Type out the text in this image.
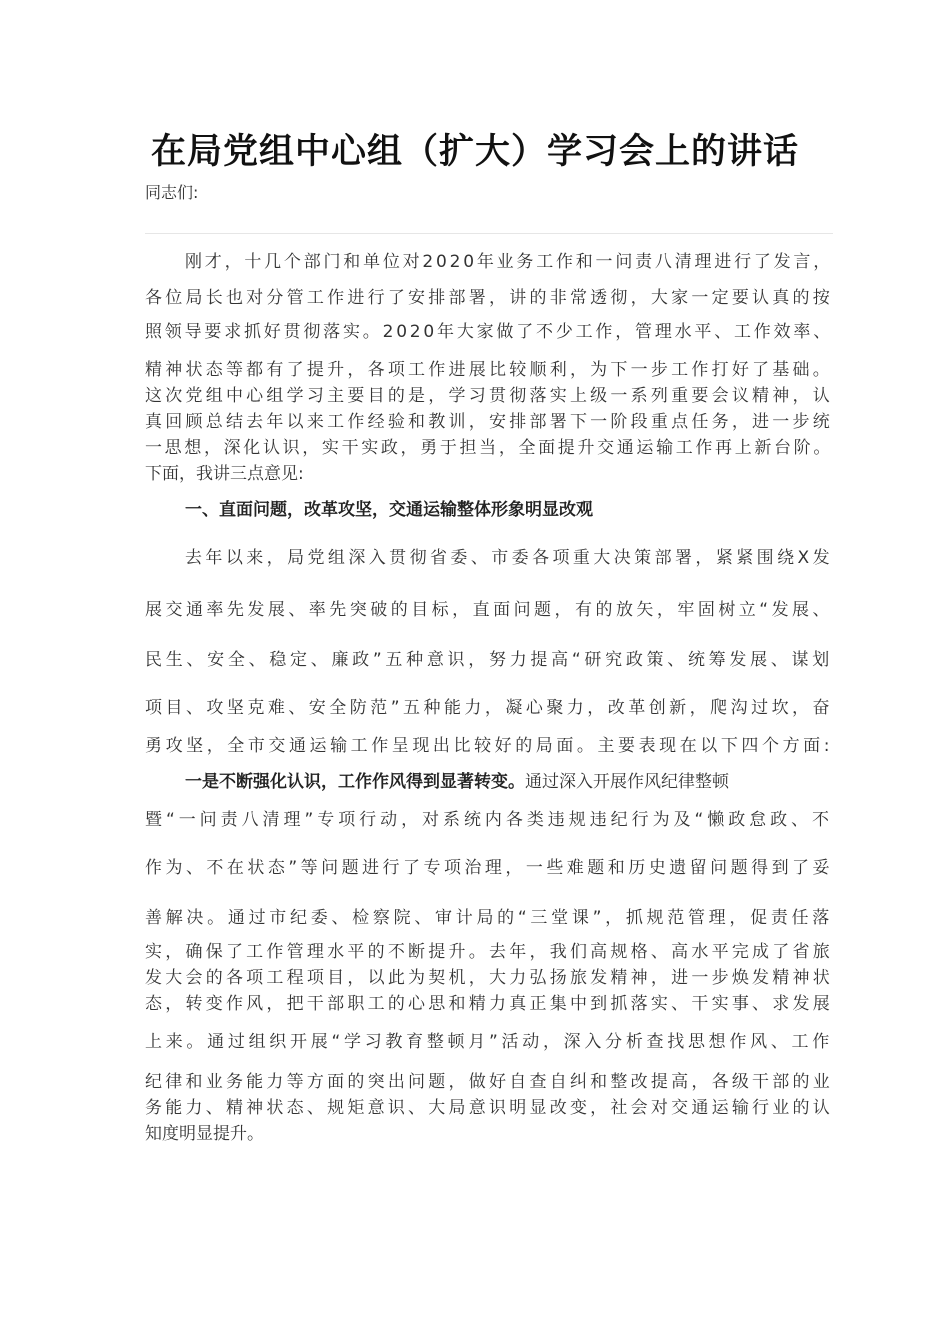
在局党组中心组（扩大）学习会上的讲话
同志们:
刚才，十几个部门和单位对2020年业务工作和一问责八清理进行了发言，
各位局长也对分管工作进行了安排部署，讲的非常透彻，大家一定要认真的按
照领导要求抓好贯彻落实。2020年大家做了不少工作，管理水平、工作效率、
精神状态等都有了提升，各项工作进展比较顺利，为下一步工作打好了基础。
这次党组中心组学习主要目的是，学习贯彻落实上级一系列重要会议精神，认
真回顾总结去年以来工作经验和教训，安排部署下一阶段重点任务，进一步统
一思想，深化认识，实干实政，勇于担当，全面提升交通运输工作再上新台阶。
下面，我讲三点意见:
一、直面问题，改革攻坚，交通运输整体形象明显改观
去年以来，局党组深入贯彻省委、市委各项重大决策部署，紧紧围绕X发
展交通率先发展、率先突破的目标，直面问题，有的放矢，牢固树立“发展、
民生、安全、稳定、廉政”五种意识，努力提高“研究政策、统筹发展、谋划
项目、攻坚克难、安全防范”五种能力，凝心聚力，改革创新，爬沟过坎，奋
勇攻坚，全市交通运输工作呈现出比较好的局面。主要表现在以下四个方面:
一是不断强化认识，工作作风得到显著转变。通过深入开展作风纪律整顿
暨“一问责八清理”专项行动，对系统内各类违规违纪行为及“懒政怠政、不
作为、不在状态”等问题进行了专项治理，一些难题和历史遗留问题得到了妥
善解决。通过市纪委、检察院、审计局的“三堂课”，抓规范管理，促责任落
实，确保了工作管理水平的不断提升。去年，我们高规格、高水平完成了省旅
发大会的各项工程项目，以此为契机，大力弘扬旅发精神，进一步焕发精神状
态，转变作风，把干部职工的心思和精力真正集中到抓落实、干实事、求发展
上来。通过组织开展“学习教育整顿月”活动，深入分析查找思想作风、工作
纪律和业务能力等方面的突出问题，做好自查自纠和整改提高，各级干部的业
务能力、精神状态、规矩意识、大局意识明显改变，社会对交通运输行业的认
知度明显提升。
